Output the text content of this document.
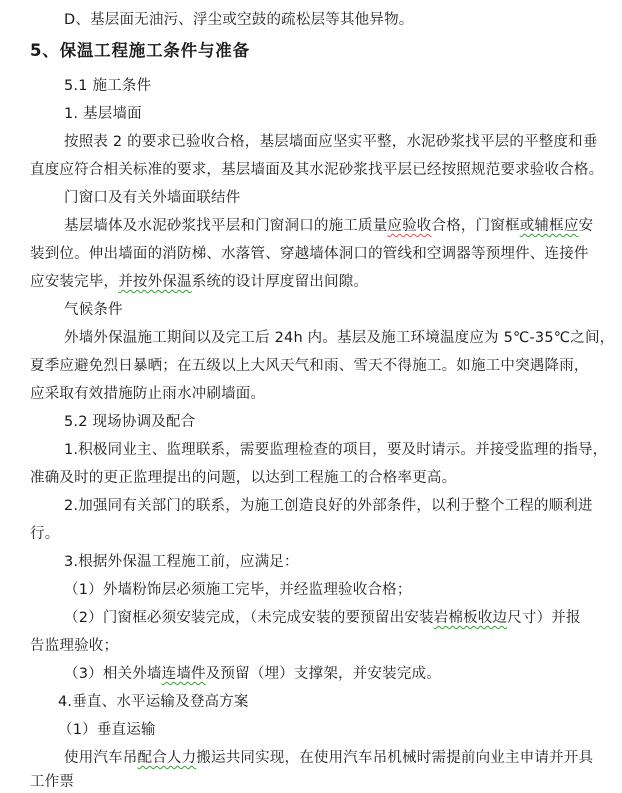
D、基层面无油污、浮尘或空鼓的疏松层等其他异物。
5、保温工程施工条件与准备
5.1 施工条件
1. 基层墙面
按照表 2 的要求已验收合格，基层墙面应坚实平整，水泥砂浆找平层的平整度和垂
直度应符合相关标准的要求，基层墙面及其水泥砂浆找平层已经按照规范要求验收合格。
门窗口及有关外墙面联结件
基层墙体及水泥砂浆找平层和门窗洞口的施工质量应验收合格，门窗框或辅框应安
装到位。伸出墙面的消防梯、水落管、穿越墙体洞口的管线和空调器等预埋件、连接件
应安装完毕，并按外保温系统的设计厚度留出间隙。
气候条件
外墙外保温施工期间以及完工后 24h 内。基层及施工环境温度应为 5℃-35℃之间，
夏季应避免烈日暴晒；在五级以上大风天气和雨、雪天不得施工。如施工中突遇降雨，
应采取有效措施防止雨水冲刷墙面。
5.2 现场协调及配合
1.积极同业主、监理联系，需要监理检查的项目，要及时请示。并接受监理的指导，
准确及时的更正监理提出的问题，以达到工程施工的合格率更高。
2.加强同有关部门的联系，为施工创造良好的外部条件，以利于整个工程的顺利进
行。
3.根据外保温工程施工前，应满足：
（1）外墙粉饰层必须施工完毕，并经监理验收合格；
（2）门窗框必须安装完成，（未完成安装的要预留出安装岩棉板收边尺寸）并报
告监理验收；
（3）相关外墙连墙件及预留（埋）支撑架，并安装完成。
4.垂直、水平运输及登高方案
（1）垂直运输
使用汽车吊配合人力搬运共同实现，在使用汽车吊机械时需提前向业主申请并开具
工作票
